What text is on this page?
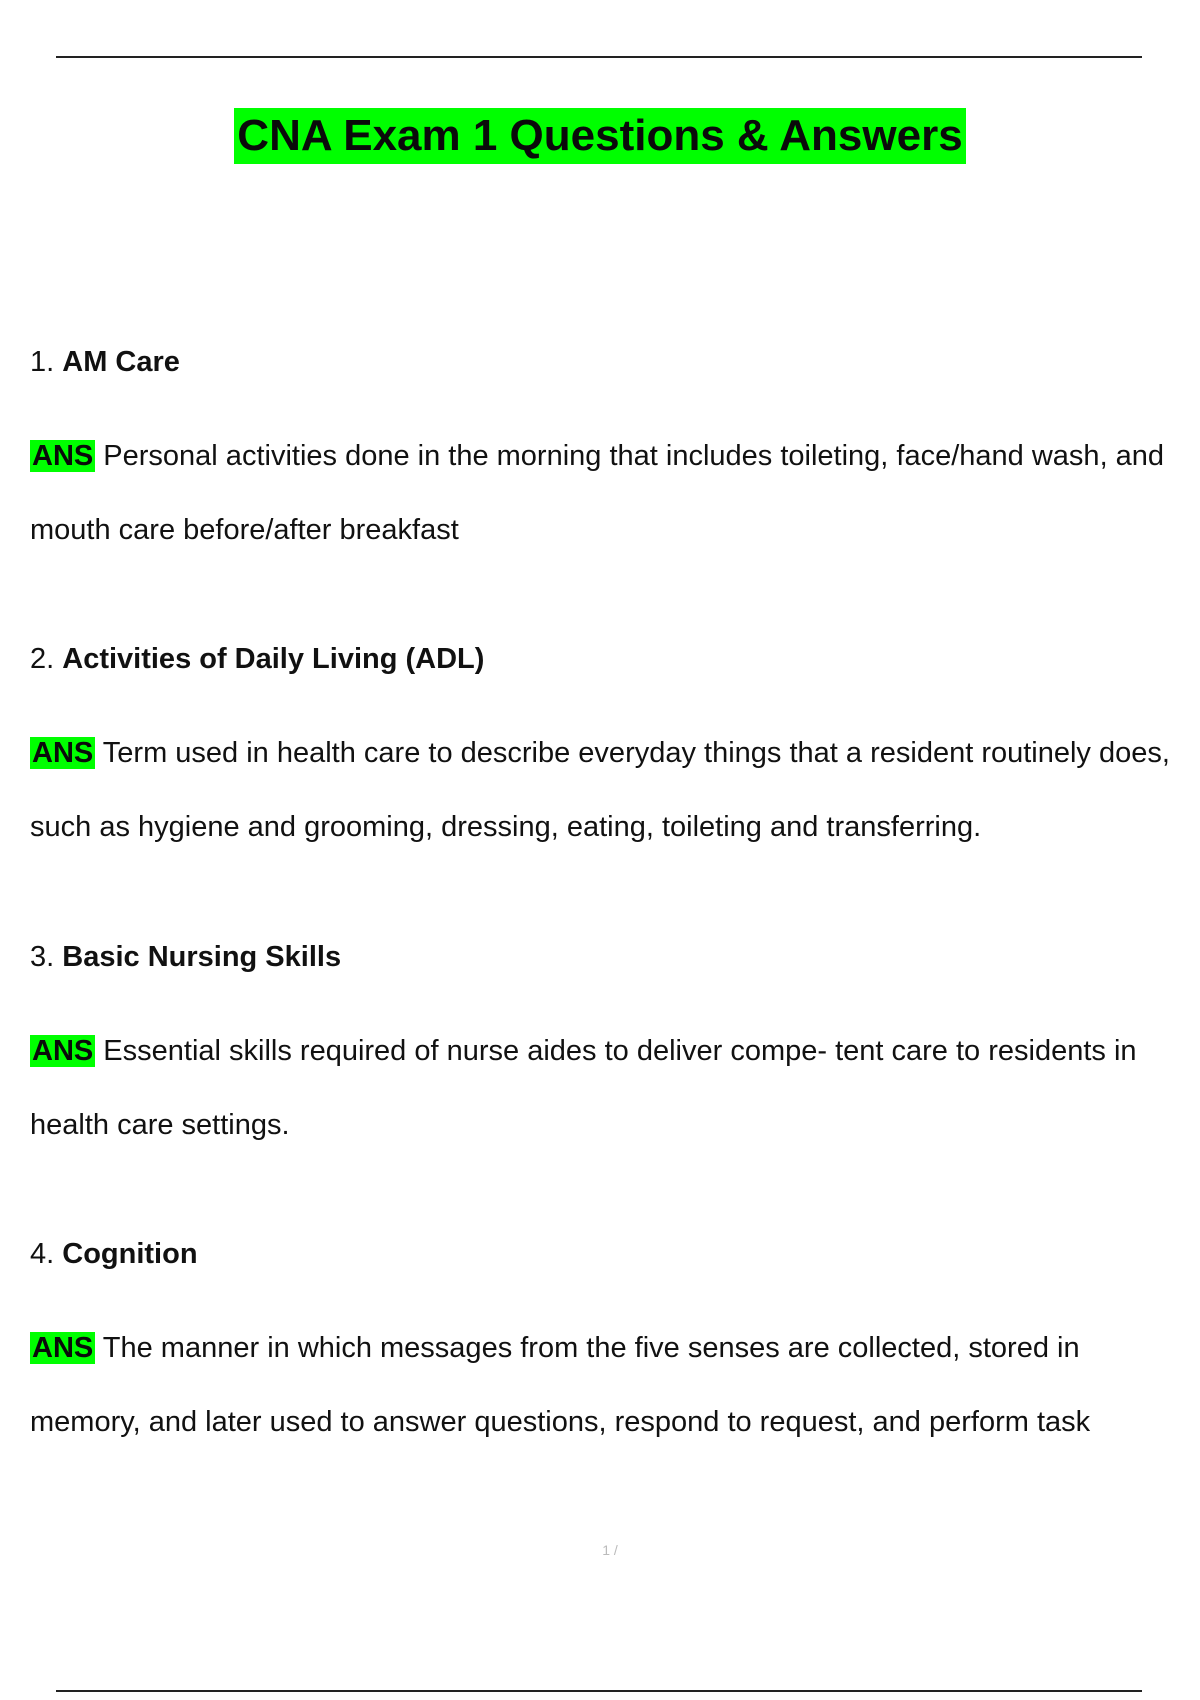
CNA Exam 1 Questions & Answers

1. AM Care

ANS Personal activities done in the morning that includes toileting, face/hand wash, and mouth care before/after breakfast

2. Activities of Daily Living (ADL)

ANS Term used in health care to describe everyday things that a resident routinely does, such as hygiene and grooming, dressing, eating, toileting and transferring.

3. Basic Nursing Skills

ANS Essential skills required of nurse aides to deliver compe- tent care to residents in health care settings.

4. Cognition

ANS The manner in which messages from the five senses are collected, stored in memory, and later used to answer questions, respond to request, and perform task

1 /
